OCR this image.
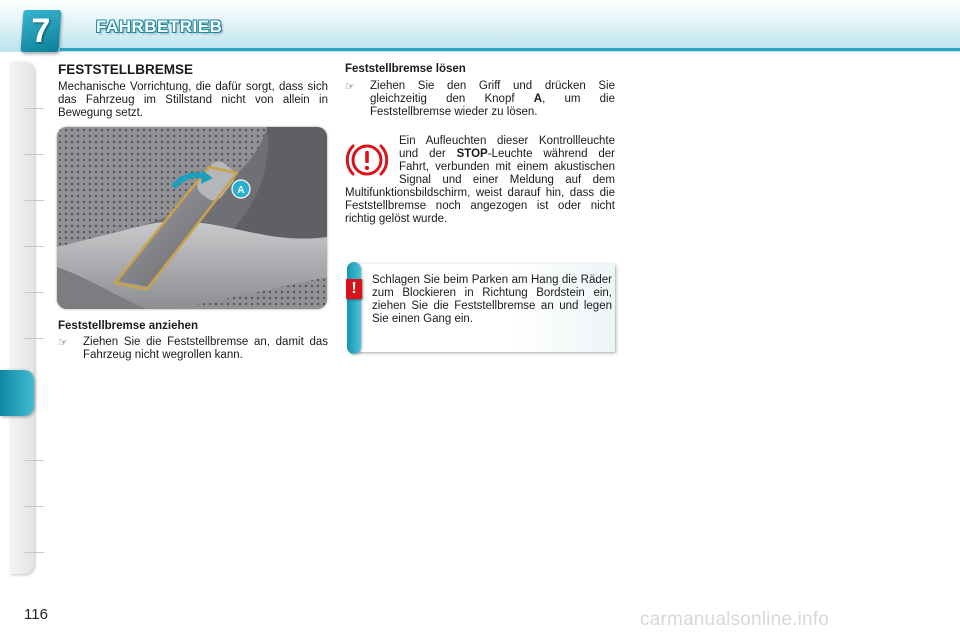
7	FAHRBETRIEB
FESTSTELLBREMSE
Mechanische Vorrichtung, die dafür sorgt, dass sich das Fahrzeug im Stillstand nicht von allein in Bewegung setzt.
A
Feststellbremse anziehen
☞ Ziehen Sie die Feststellbremse an, damit das Fahrzeug nicht wegrollen kann.
Feststellbremse lösen
☞ Ziehen Sie den Griff und drücken Sie gleichzeitig den Knopf A, um die Feststellbremse wieder zu lösen.
Ein Aufleuchten dieser Kontrollleuchte und der STOP-Leuchte während der Fahrt, verbunden mit einem akustischen Signal und einer Meldung auf dem Multifunktionsbildschirm, weist darauf hin, dass die Feststellbremse noch angezogen ist oder nicht richtig gelöst wurde.
!	Schlagen Sie beim Parken am Hang die Räder zum Blockieren in Richtung Bordstein ein, ziehen Sie die Feststellbremse an und legen Sie einen Gang ein.
116	carmanualsonline.info
